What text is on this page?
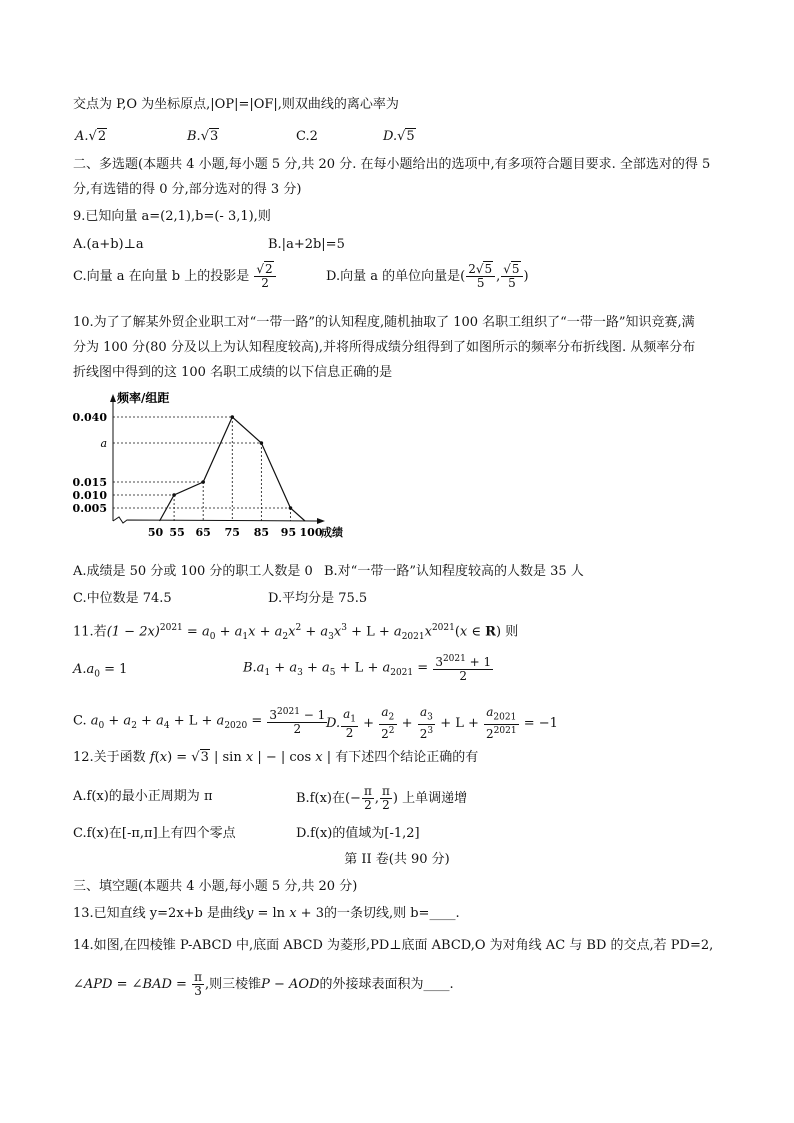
交点为 P,O 为坐标原点,|OP|=|OF|,则双曲线的离心率为
A.√2	B.√3	C.2	D.√5
二、多选题(本题共 4 小题,每小题 5 分,共 20 分. 在每小题给出的选项中,有多项符合题目要求. 全部选对的得 5
分,有选错的得 0 分,部分选对的得 3 分)
9.已知向量 a=(2,1),b=(- 3,1),则
A.(a+b)⊥a	B.|a+2b|=5
C.向量 a 在向量 b 上的投影是 $\frac{√2}{2}$	D.向量 a 的单位向量是( $\frac{2√5}{5}$ , $\frac{√5}{5}$ )
10.为了了解某外贸企业职工对“一带一路”的认知程度,随机抽取了 100 名职工组织了“一带一路”知识竞赛,满
分为 100 分(80 分及以上为认知程度较高),并将所得成绩分组得到了如图所示的频率分布折线图. 从频率分布
折线图中得到的这 100 名职工成绩的以下信息正确的是
频率/组距
0.005
0.010
0.015
a
0.040
50 55 65 75 85 95 100
成绩
A.成绩是 50 分或 100 分的职工人数是 0 B.对“一带一路”认知程度较高的人数是 35 人
C.中位数是 74.5	D.平均分是 75.5
11.若$(1 - 2x)^{2021} = a_0 + a_1x + a_2x^2 + a_3x^3 + L + a_{2021}x^{2021}(x$ ∈ R) 则
$A.a_0 = 1$	$B.a_1 + a_3 + a_5 + L + a_{2021} = \frac{3^{2021} + 1}{2}$
C. $a_0 + a_2 + a_4 + L + a_{2020} = \frac{3^{2021} - 1}{2}$
D. $\frac{a_1}{2} + \frac{a_2}{2^2} + \frac{a_3}{2^3} + L + \frac{a_{2021}}{2^{2021}} = -1$
12.关于函数 f(x) = √3 | sin x | − | cos x | 有下述四个结论正确的有
A.f(x)的最小正周期为 π	B.f(x)在(− $\frac{\pi}{2}$ , $\frac{\pi}{2}$ ) 上单调递增
C.f(x)在[-π,π]上有四个零点	D.f(x)的值域为[-1,2]
第 II 卷(共 90 分)
三、填空题(本题共 4 小题,每小题 5 分,共 20 分)
13.已知直线 y=2x+b 是曲线y = ln x + 3的一条切线,则 b=____.
14.如图,在四棱锥 P-ABCD 中,底面 ABCD 为菱形,PD⊥底面 ABCD,O 为对角线 AC 与 BD 的交点,若 PD=2,
∠APD = ∠BAD = $\frac{\pi}{3}$ ,则三棱锥P − AOD的外接球表面积为____.
